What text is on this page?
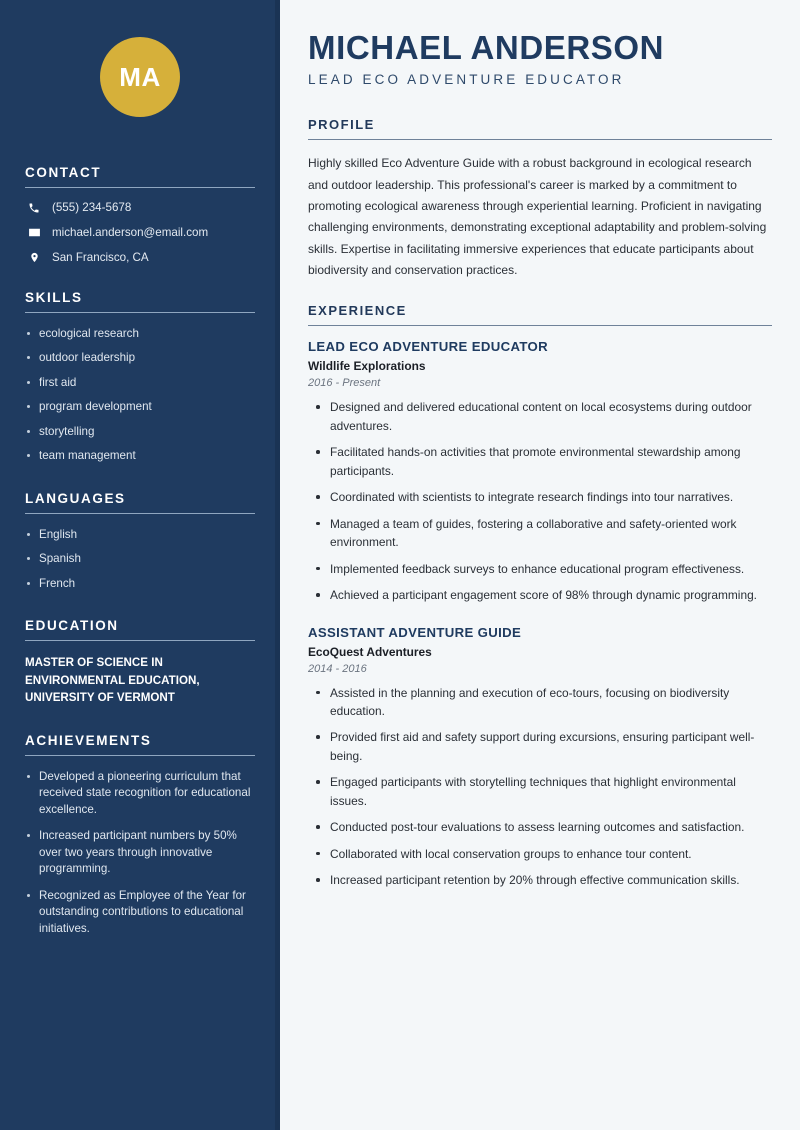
MA
CONTACT
(555) 234-5678
michael.anderson@email.com
San Francisco, CA
SKILLS
ecological research
outdoor leadership
first aid
program development
storytelling
team management
LANGUAGES
English
Spanish
French
EDUCATION
MASTER OF SCIENCE IN
ENVIRONMENTAL EDUCATION,
UNIVERSITY OF VERMONT
ACHIEVEMENTS
Developed a pioneering curriculum that received state recognition for educational excellence.
Increased participant numbers by 50% over two years through innovative programming.
Recognized as Employee of the Year for outstanding contributions to educational initiatives.
MICHAEL ANDERSON
LEAD ECO ADVENTURE EDUCATOR
PROFILE

Highly skilled Eco Adventure Guide with a robust background in ecological research and outdoor leadership. This professional's career is marked by a commitment to promoting ecological awareness through experiential learning. Proficient in navigating challenging environments, demonstrating exceptional adaptability and problem-solving skills. Expertise in facilitating immersive experiences that educate participants about biodiversity and conservation practices.

EXPERIENCE
LEAD ECO ADVENTURE EDUCATOR
Wildlife Explorations
2016 - Present
Designed and delivered educational content on local ecosystems during outdoor adventures.
Facilitated hands-on activities that promote environmental stewardship among participants.
Coordinated with scientists to integrate research findings into tour narratives.
Managed a team of guides, fostering a collaborative and safety-oriented work environment.
Implemented feedback surveys to enhance educational program effectiveness.
Achieved a participant engagement score of 98% through dynamic programming.
ASSISTANT ADVENTURE GUIDE
EcoQuest Adventures
2014 - 2016
Assisted in the planning and execution of eco-tours, focusing on biodiversity education.
Provided first aid and safety support during excursions, ensuring participant well-being.
Engaged participants with storytelling techniques that highlight environmental issues.
Conducted post-tour evaluations to assess learning outcomes and satisfaction.
Collaborated with local conservation groups to enhance tour content.
Increased participant retention by 20% through effective communication skills.
